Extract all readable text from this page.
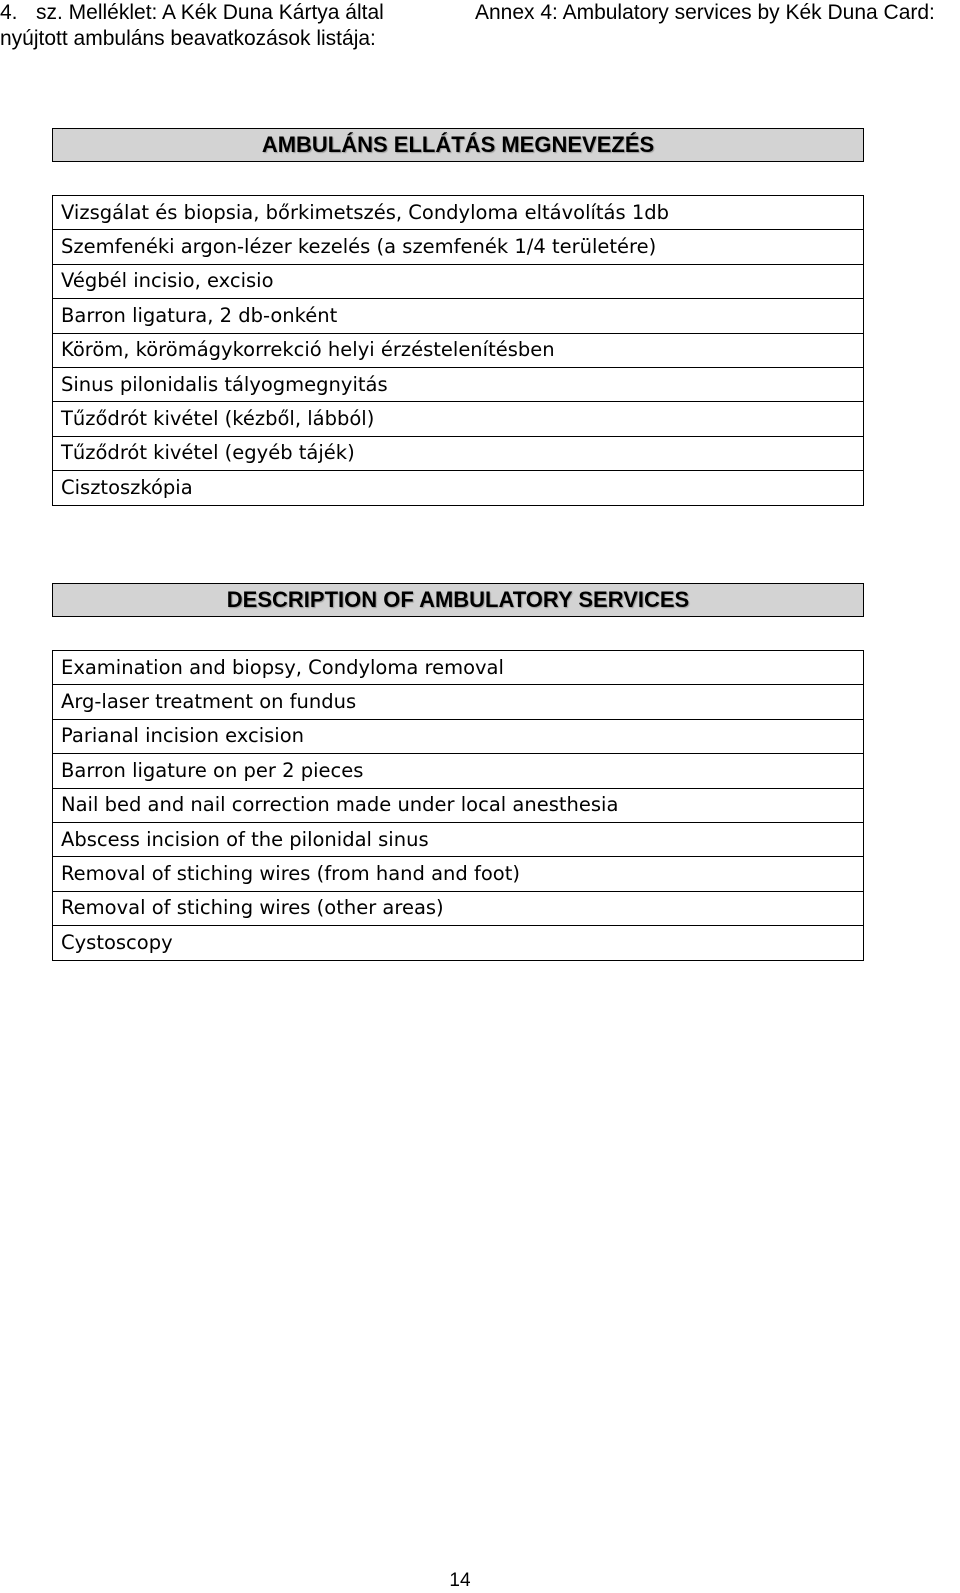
4. sz. Melléklet: A Kék Duna Kártya által
nyújtott ambuláns beavatkozások listája:
Annex 4: Ambulatory services by Kék Duna Card:
AMBULÁNS ELLÁTÁS MEGNEVEZÉS
Vizsgálat és biopsia, bőrkimetszés, Condyloma eltávolítás 1db
Szemfenéki argon-lézer kezelés (a szemfenék 1/4 területére)
Végbél incisio, excisio
Barron ligatura, 2 db-onként
Köröm, körömágykorrekció helyi érzéstelenítésben
Sinus pilonidalis tályogmegnyitás
Tűződrót kivétel (kézből, lábból)
Tűződrót kivétel (egyéb tájék)
Cisztoszkópia
DESCRIPTION OF AMBULATORY SERVICES
Examination and biopsy, Condyloma removal
Arg-laser treatment on fundus
Parianal incision excision
Barron ligature on per 2 pieces
Nail bed and nail correction made under local anesthesia
Abscess incision of the pilonidal sinus
Removal of stiching wires (from hand and foot)
Removal of stiching wires (other areas)
Cystoscopy
14
